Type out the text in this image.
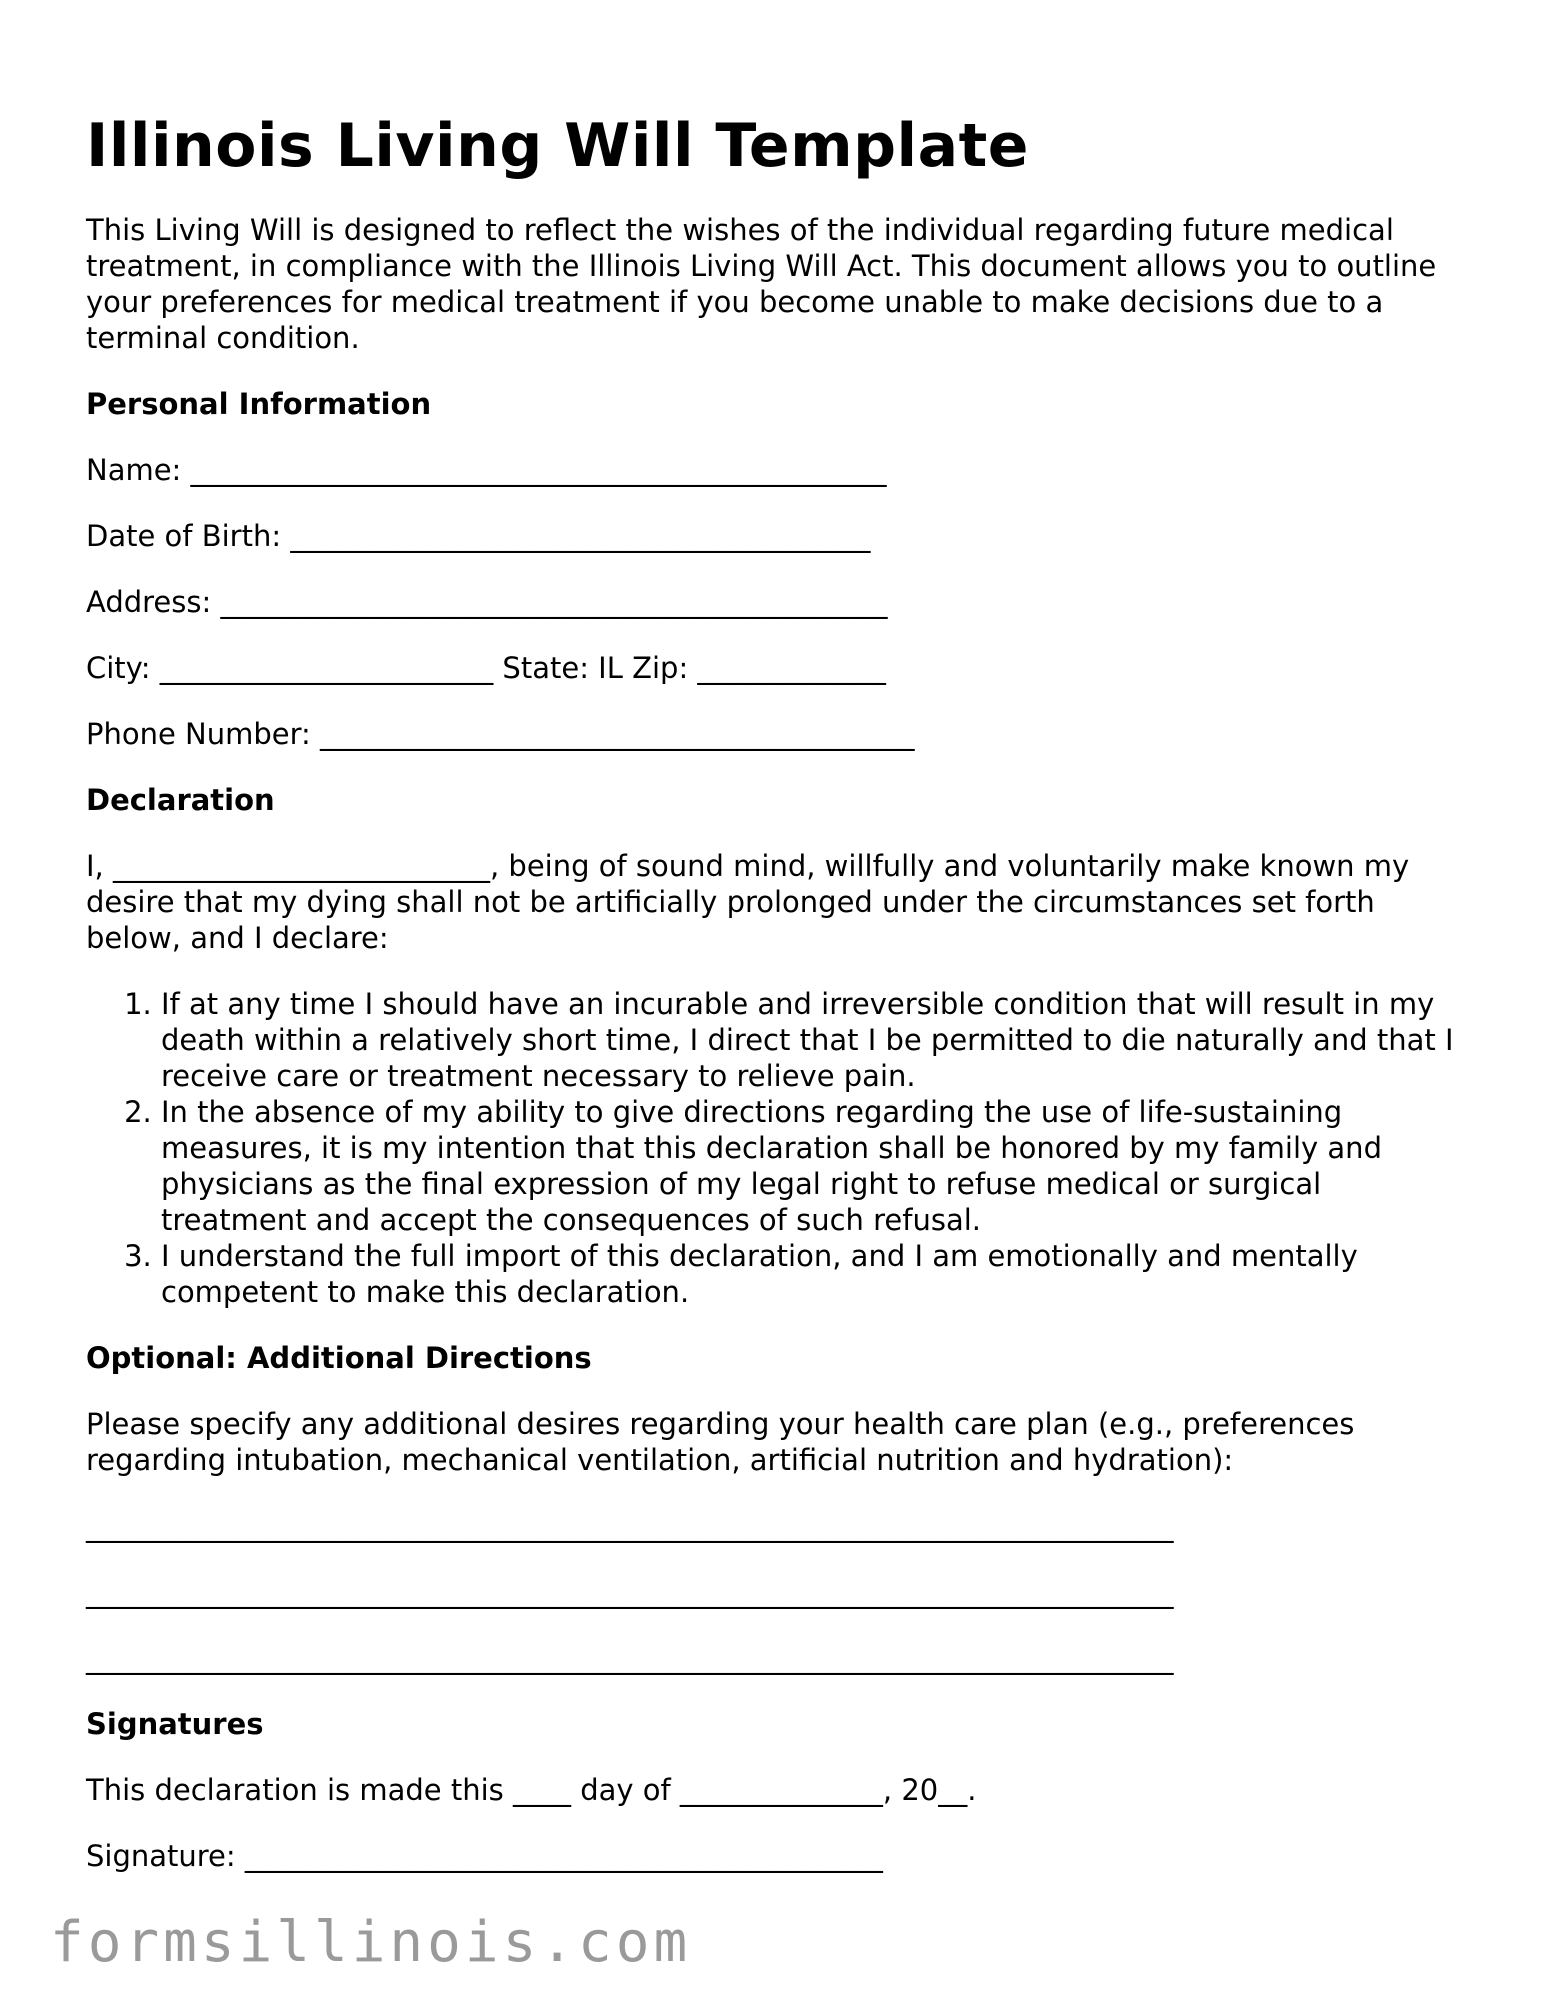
Illinois Living Will Template

This Living Will is designed to reflect the wishes of the individual regarding future medical treatment, in compliance with the Illinois Living Will Act. This document allows you to outline your preferences for medical treatment if you become unable to make decisions due to a terminal condition.

Personal Information
Name: ________________________________________________
Date of Birth: ________________________________________
Address: ______________________________________________
City: _______________________ State: IL Zip: _____________
Phone Number: _________________________________________
Declaration

I, __________________________, being of sound mind, willfully and voluntarily make known my desire that my dying shall not be artificially prolonged under the circumstances set forth below, and I declare:

1. If at any time I should have an incurable and irreversible condition that will result in my death within a relatively short time, I direct that I be permitted to die naturally and that I receive care or treatment necessary to relieve pain.
2. In the absence of my ability to give directions regarding the use of life-sustaining measures, it is my intention that this declaration shall be honored by my family and physicians as the final expression of my legal right to refuse medical or surgical treatment and accept the consequences of such refusal.
3. I understand the full import of this declaration, and I am emotionally and mentally competent to make this declaration.
Optional: Additional Directions

Please specify any additional desires regarding your health care plan (e.g., preferences regarding intubation, mechanical ventilation, artificial nutrition and hydration):

___________________________________________________________________________
___________________________________________________________________________
___________________________________________________________________________
Signatures
This declaration is made this ____ day of ______________, 20__.
Signature: ____________________________________________
formsillinois.com
